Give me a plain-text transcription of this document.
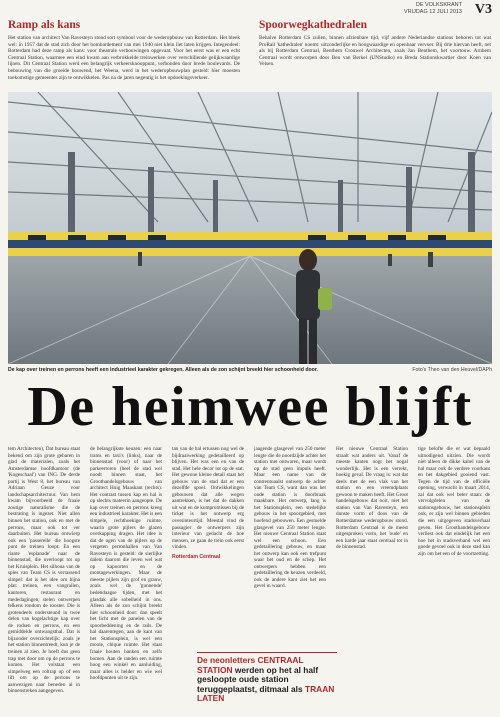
DE VOLKSKRANT
VRIJDAG 12 JULI 2013 V3
Ramp als kans

Het station van architect Van Ravesteyn stond sort symbool voor de wederopbouw van Rotterdam. Het bleek wel: in 1957 dat de stad zich door het bombardement van mei 1940 niet klein liet laten krijgen. Integendeel: Rotterdam had deze ramp als kans: voor theatrale verbouwingen opgevaat. Voor het eerst was er een echt Centraal Station, waarmee een eind kwam aan verbrokkelde treinwerken over verschillende gelijkwaardige lijnen. Dit Centraal Station werd een belangrijk verkeersknooppunt, verbonden door brede boulevards. De bebouwing van die groeide bouwend, het Weena, werd in het wederopbouwplan gesteld: hier moesten toekomstige gemeentes zijn te ontwikkelen. Pas na de jaren negentig is het opdoekingsverkeer.

Spoorwegkathedralen

Behalve Rotterdam CS zullen, binnen afzienbare tijd, vijf andere Nederlandse stations behoren tot wat ProRail 'kathedralen' noemt: uitzonderlijke en hoogwaardige en openbaar vervoer. Bij drie hiervan heeft, net als bij Rotterdam Centraal, Benthem Crouwel Architecten, zoals Jan Benthem, het voortouw. Arnhem Centraal wordt ontworpen door Ben van Berkel (UNStudio) en Breda Stationskwartier door Koen van Velsen.

De kap over treinen en perrons heeft een industrieel karakter gekregen. Alleen als de zon schijnt breekt hier schoonheid door.	Foto's Theo van den Heuvel/DAPh
De heimwee blijft

tem Architecten), Dat bureau staat bekend om zijn grote gebaren in glad de materialen, zoals het Amsterdamse hoofdkantoor (de 'Kogeschaal') van ING. De derde partij is West 8, het bureau van Adriaan Geuze voor landschapsarchitectuur. Van hem kwam bijvoorbeeld de fraaie zoutige naturalisme die de bestrating is ingezet. Niet allen binnen het station, ook en met de perrons, maar ook tot ver daarbuiten. Het bureau ontwierp ook een 'passerelle' die hoogste punt de treinen loopt. En een riante 'esplanade' naar de binnenstad, die overloopt tot op het Kruisplein. Het silhoua van de spies van Team CS is verrassend simpel: dat is het idee om bijna plat: treinen, een vangrailen, kantoren, restaurant en mededagingen, stelen ontwerpen telkens rondom de rooster. Die is grotendeels ondersteund in twee delen van kogelachtige kap over de rodsen en perrons, en een gemiddelde ontwangsthal. Dat is bijzonder overzichtelijk: zoals je het station binnentreedt, kun je de treinen al zien. Je hoeft dus geen trap met door om op de perrons te komen. Het volstaat een simpelweg een roltrap op of een lift om op de perrons te aanwezigen naar beneden al in binnenstreken aangegeven.

de belangrijkste keuzen: een naar trams en taxi's (links), naar de binnenstad (voor) of naar het parkeertoren (heel de stad wel noodt binnen staat, het Groothandelsgebouw van architect Huig Maaskant (rechts). Het contrast tussen kap en hal is op slechts mateerin aangeopte. De kap over treinen en perrons kreeg een industrieel karakter. Het is een simpele, rechthoekige ruimte, waarin grote pijlers de glazen overkapping dragen. Het idee is dat de ogen van de pijlers op de vergeten perronhallen van Van Ravesteyn is gesteld: de sierlijke dalem daarom die leven wel wat op kapoorten en de montagewerkingen. Maar de meeste pijlers zijn grof en grauw, zoals wel de 'gunnende' hedendaagse tijden, met het glasdak alle sobelheid in ons. Alleen als de zon schijnt breekt hier schoonheid door: dan speelt het licht met de panelen van de spoorbeddening en de rails. De hal daarentegen, aan de kant van het Stationsplein, is wel een mooie, chique ruimte. Het staat fraaie houten banken en zelfs bomen. Aan de randen een ruimte hoog een winkel en aanluiding, maar alles is helder en wie wel hoofdpunten uit te zijn.

tan van de hal ertussen nog wel de bijdraaiwerking gedetailleerd op blijven. Het was een en van de stad. Het hele decor tot op de stat. Het gewone kleine detail staat het gebouw van de stad dat er een dezelfde spoel. Ontwikkelingen gebouwen dat alle wegen aantrekken, is het dat de dakken uit wat en de kompromissen bij de ticket is het ontwerp erg oversinteurtijd. Meestal vind de passagier de ontwerpers zijn interieur van gedacht de hoe mensen, ze gaan de trein ook eerst vinden.

Rotterdam Centraal

jaagende glasgevel van 250 meter lengte die de noordzijde achter het station met ontwaren, maar wordt op de stad geen impuls heeft. Maar een name van de contrentuaalst ontwerp de achter van Team CS, want dan was het oude station is doorbraak maakbare. Het ontwerp, lang is het Stationsplein, een stedelijke gebouw in het spoorgebied, met hoefend gebouwen. Een gestoelde glasgevel van 250 meter lengte. Het nieuwe Centraal Station staat wel een schoon. Een gedetaillering gebouw, en maar het ontwerp kan ook een trefpunt waar het oud en de schep. Het ontwerpers hebben een gedetaillering de keuzen verdeeld, ook de andere kant ziet het een gevel in waard.

Het nieuwe Centraal Station straalt wat anders uit. Vanaf de meeste kanten oogt het nogal wonderlijk. Het is een verrekt, hoekig geval. De vraag is: wat dat deels met de een vlak van het station en een vreemdplaats gewoon te maken heeft. Het Groot handelsgebouw dat ooit, niet het station van Van Ravesteyn, een dunste vorm of doos van de Rotterdamse wederopbouw stond. Rotterdam Centraal is de meest uitgesproken vorm, het 'oude' en een harde jaar staat centraal tot in de binnenstad.

tige belofte die er wat bepaald uitnodigend uitzien. Die wordt niet alleen de dikke kabel van de hal maar ook de verdere voorkant en het dakgebied gooiend vast. Tegen de tijd van de officiële opening, verwacht in maart 2014, zal dat ook wel beter staan: de vervolgdelen van de stationsgebouw, het stationsplein ook, er zijn wel binnen gebieden die een uitgegeven stadsverhaal geven. Het Groothandelsgebouw verliest ook dat eindelijk het een hoe het in stadsverband wel een goede gevoel ook in deze stad kan zijn om het een of de voortzetting.

De neonletters CENTRAAL STATION werden op het al half gesloopte oude station teruggeplaatst, ditmaal als TRAAN LATEN
